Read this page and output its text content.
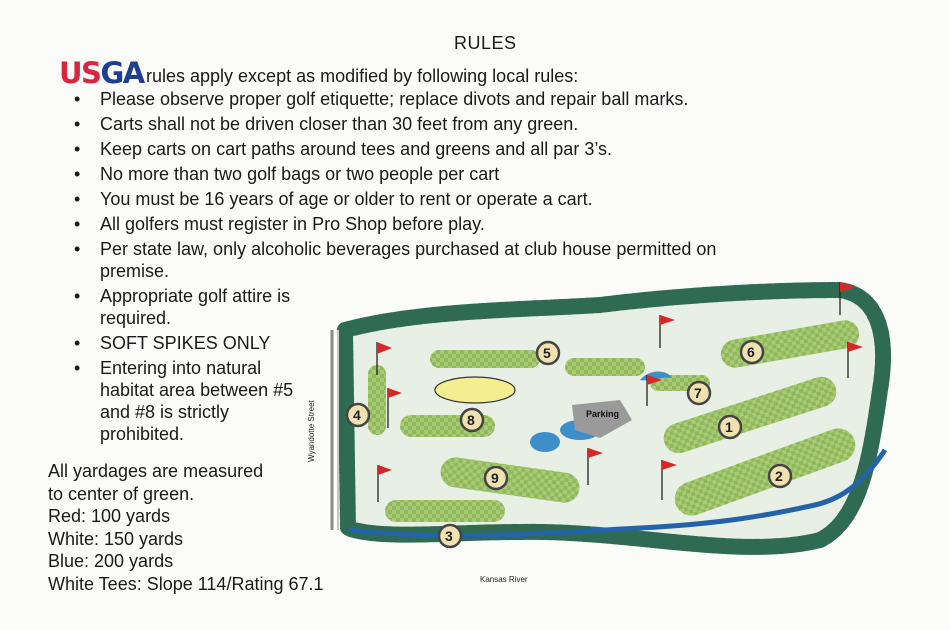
RULES
USGA rules apply except as modified by following local rules:
• Please observe proper golf etiquette; replace divots and repair ball marks.
• Carts shall not be driven closer than 30 feet from any green.
• Keep carts on cart paths around tees and greens and all par 3’s.
• No more than two golf bags or two people per cart
• You must be 16 years of age or older to rent or operate a cart.
• All golfers must register in Pro Shop before play.
• Per state law, only alcoholic beverages purchased at club house permitted on premise.
• Appropriate golf attire is required.
• SOFT SPIKES ONLY
• Entering into natural habitat area between #5 and #8 is strictly prohibited.
All yardages are measured
to center of green.
Red: 100 yards
White: 150 yards
Blue: 200 yards
White Tees: Slope 114/Rating 67.1
Wyandotte Street
Kansas River
Parking
5	6
7
4	8	1
9	2
3
